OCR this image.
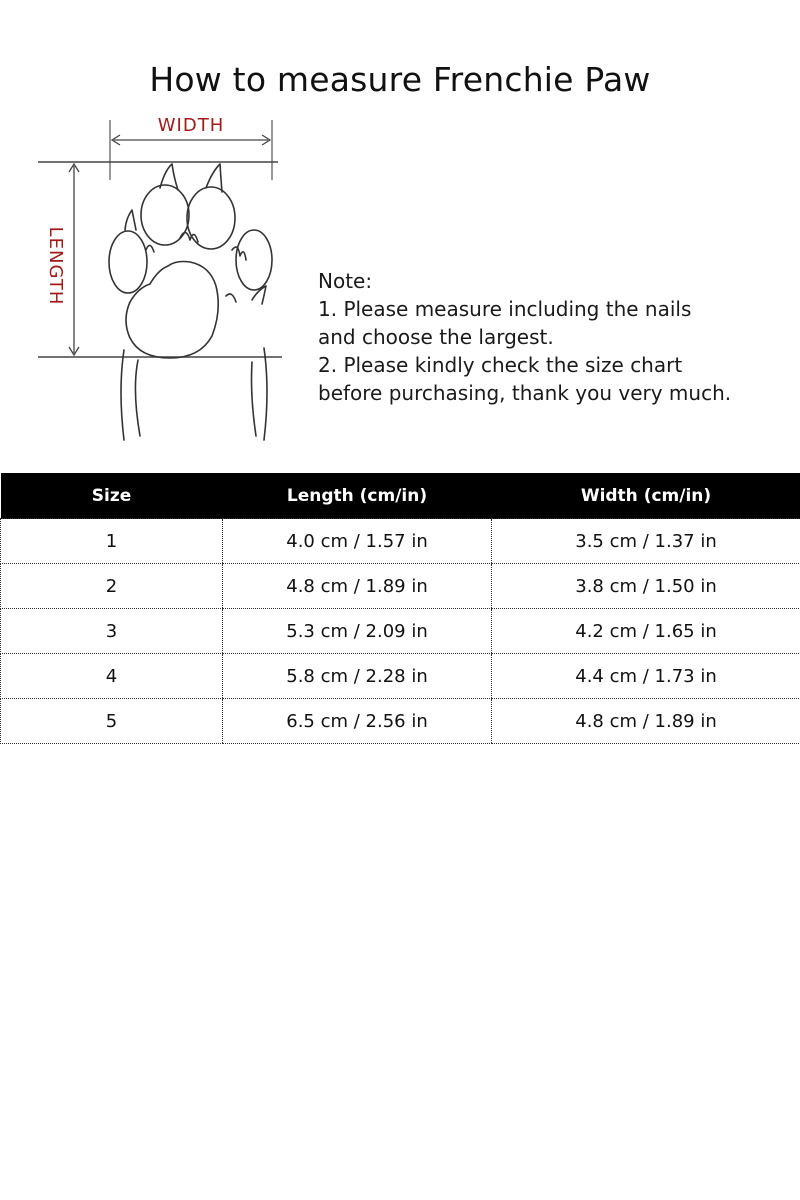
How to measure Frenchie Paw
WIDTH
LENGTH	Note:
1. Please measure including the nails
and choose the largest.
2. Please kindly check the size chart
before purchasing, thank you very much.
Size	Length (cm/in)	Width (cm/in)
1	4.0 cm / 1.57 in	3.5 cm / 1.37 in
2	4.8 cm / 1.89 in	3.8 cm / 1.50 in
3	5.3 cm / 2.09 in	4.2 cm / 1.65 in
4	5.8 cm / 2.28 in	4.4 cm / 1.73 in
5	6.5 cm / 2.56 in	4.8 cm / 1.89 in
